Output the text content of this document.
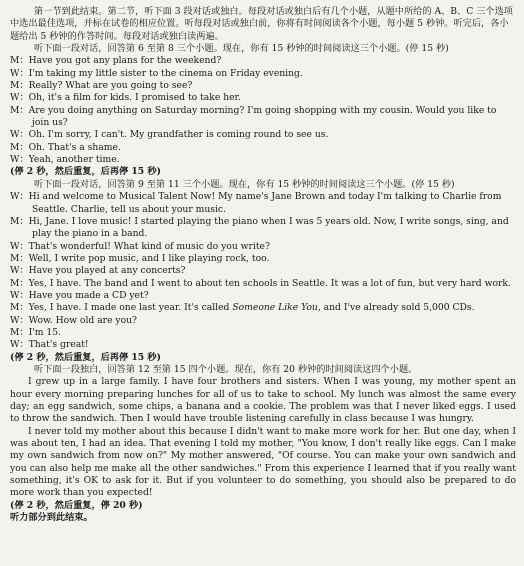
第一节到此结束。第二节，听下面 3 段对话或独白。每段对话或独白后有几个小题，从题中所给的 A、B、C 三个选项中选出最佳选项，并标在试卷的相应位置。听每段对话或独白前，你将有时间阅读各个小题，每小题 5 秒钟。听完后，各小题给出 5 秒钟的作答时间。每段对话或独白读两遍。

听下面一段对话，回答第 6 至第 8 三个小题。现在，你有 15 秒钟的时间阅读这三个小题。(停 15 秒)

M：Have you got any plans for the weekend?

W：I'm taking my little sister to the cinema on Friday evening.

M：Really? What are you going to see?

W：Oh, it's a film for kids. I promised to take her.

M：Are you doing anything on Saturday morning? I'm going shopping with my cousin. Would you like to join us?

W：Oh. I'm sorry, I can't. My grandfather is coming round to see us.

M：Oh. That's a shame.

W：Yeah, another time.

(停 2 秒，然后重复，后再停 15 秒)

听下面一段对话，回答第 9 至第 11 三个小题。现在，你有 15 秒钟的时间阅读这三个小题。(停 15 秒)

W：Hi and welcome to Musical Talent Now! My name's Jane Brown and today I'm talking to Charlie from Seattle. Charlie, tell us about your music.

M：Hi, Jane. I love music! I started playing the piano when I was 5 years old. Now, I write songs, sing, and play the piano in a band.

W：That's wonderful! What kind of music do you write?

M：Well, I write pop music, and I like playing rock, too.

W：Have you played at any concerts?

M：Yes, I have. The band and I went to about ten schools in Seattle. It was a lot of fun, but very hard work.

W：Have you made a CD yet?

M：Yes, I have. I made one last year. It's called Someone Like You, and I've already sold 5,000 CDs.

W：Wow. How old are you?

M：I'm 15.

W：That's great!

(停 2 秒，然后重复，后再停 15 秒)

听下面一段独白，回答第 12 至第 15 四个小题。现在，你有 20 秒钟的时间阅读这四个小题。

I grew up in a large family. I have four brothers and sisters. When I was young, my mother spent an hour every morning preparing lunches for all of us to take to school. My lunch was almost the same every day; an egg sandwich, some chips, a banana and a cookie. The problem was that I never liked eggs. I used to throw the sandwich. Then I would have trouble listening carefully in class because I was hungry.

I never told my mother about this because I didn't want to make more work for her. But one day, when I was about ten, I had an idea. That evening I told my mother, "You know, I don't really like eggs. Can I make my own sandwich from now on?" My mother answered, "Of course. You can make your own sandwich and you can also help me make all the other sandwiches." From this experience I learned that if you really want something, it's OK to ask for it. But if you volunteer to do something, you should also be prepared to do more work than you expected!

(停 2 秒，然后重复，停 20 秒)

听力部分到此结束。
